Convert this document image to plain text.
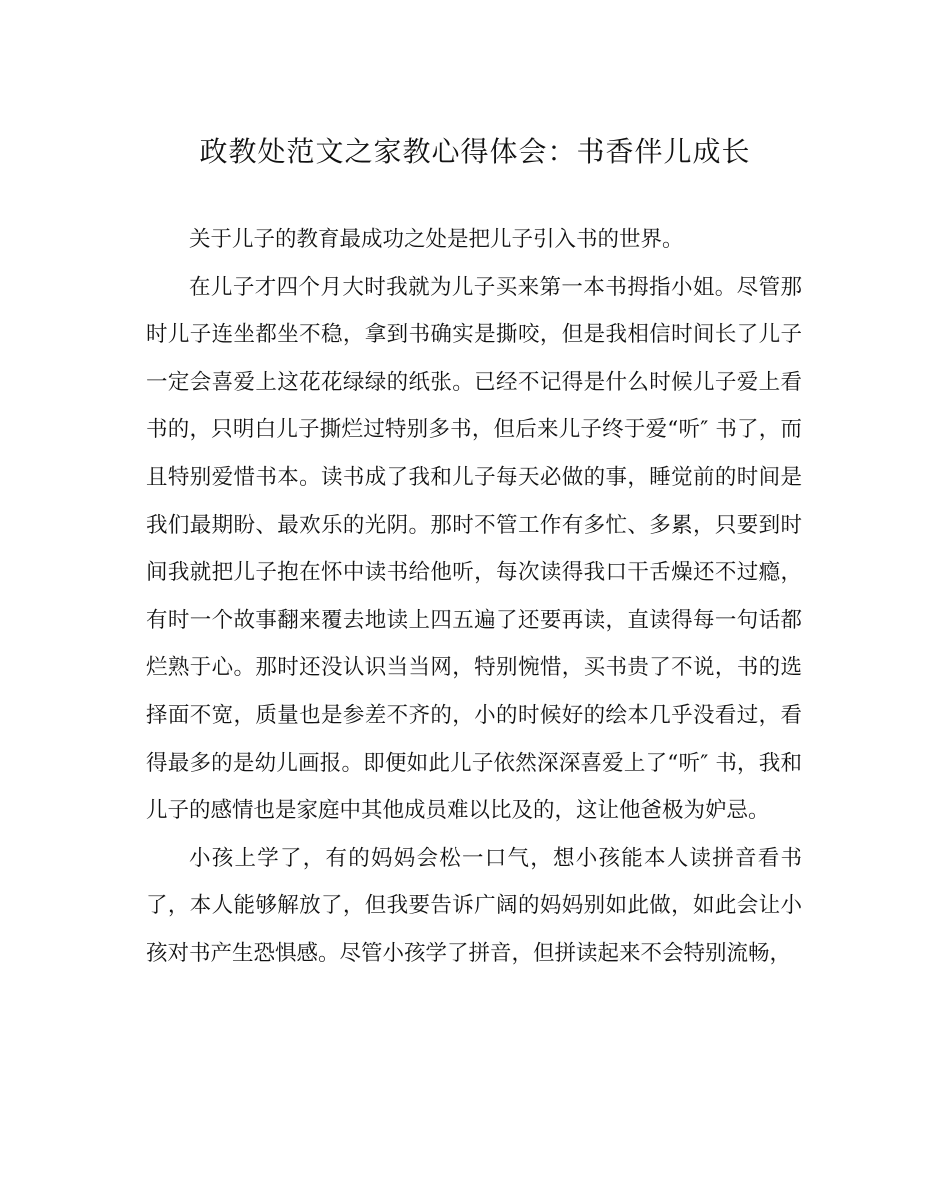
政教处范文之家教心得体会：书香伴儿成长

关于儿子的教育最成功之处是把儿子引入书的世界。

在儿子才四个月大时我就为儿子买来第一本书拇指小姐。尽管那时儿子连坐都坐不稳，拿到书确实是撕咬，但是我相信时间长了儿子一定会喜爱上这花花绿绿的纸张。已经不记得是什么时候儿子爱上看书的，只明白儿子撕烂过特别多书，但后来儿子终于爱“听″ 书了，而且特别爱惜书本。读书成了我和儿子每天必做的事，睡觉前的时间是我们最期盼、最欢乐的光阴。那时不管工作有多忙、多累，只要到时间我就把儿子抱在怀中读书给他听，每次读得我口干舌燥还不过瘾，有时一个故事翻来覆去地读上四五遍了还要再读，直读得每一句话都烂熟于心。那时还没认识当当网，特别惋惜，买书贵了不说，书的选择面不宽，质量也是参差不齐的，小的时候好的绘本几乎没看过，看得最多的是幼儿画报。即便如此儿子依然深深喜爱上了“听″ 书，我和儿子的感情也是家庭中其他成员难以比及的，这让他爸极为妒忌。

小孩上学了，有的妈妈会松一口气，想小孩能本人读拼音看书了，本人能够解放了，但我要告诉广阔的妈妈别如此做，如此会让小孩对书产生恐惧感。尽管小孩学了拼音，但拼读起来不会特别流畅，
